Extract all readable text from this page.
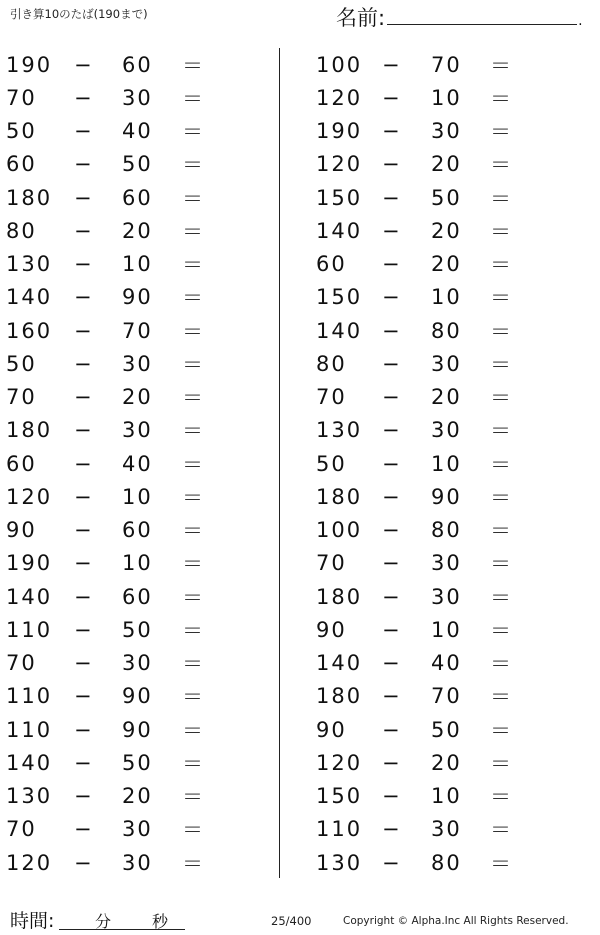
引き算10のたば(190まで)	名前:	.
190 − 60 ＝
70 − 30 ＝
50 − 40 ＝
60 − 50 ＝
180 − 60 ＝
80 − 20 ＝
130 − 10 ＝
140 − 90 ＝
160 − 70 ＝
50 − 30 ＝
70 − 20 ＝
180 − 30 ＝
60 − 40 ＝
120 − 10 ＝
90 − 60 ＝
190 − 10 ＝
140 − 60 ＝
110 − 50 ＝
70 − 30 ＝
110 − 90 ＝
110 − 90 ＝
140 − 50 ＝
130 − 20 ＝
70 − 30 ＝
120 − 30 ＝
100 − 70 ＝
120 − 10 ＝
190 − 30 ＝
120 − 20 ＝
150 − 50 ＝
140 − 20 ＝
60 − 20 ＝
150 − 10 ＝
140 − 80 ＝
80 − 30 ＝
70 − 20 ＝
130 − 30 ＝
50 − 10 ＝
180 − 90 ＝
100 − 80 ＝
70 − 30 ＝
180 − 30 ＝
90 − 10 ＝
140 − 40 ＝
180 − 70 ＝
90 − 50 ＝
120 − 20 ＝
150 − 10 ＝
110 − 30 ＝
130 − 80 ＝
時間:	分	秒	25/400	Copyright © Alpha.Inc All Rights Reserved.
